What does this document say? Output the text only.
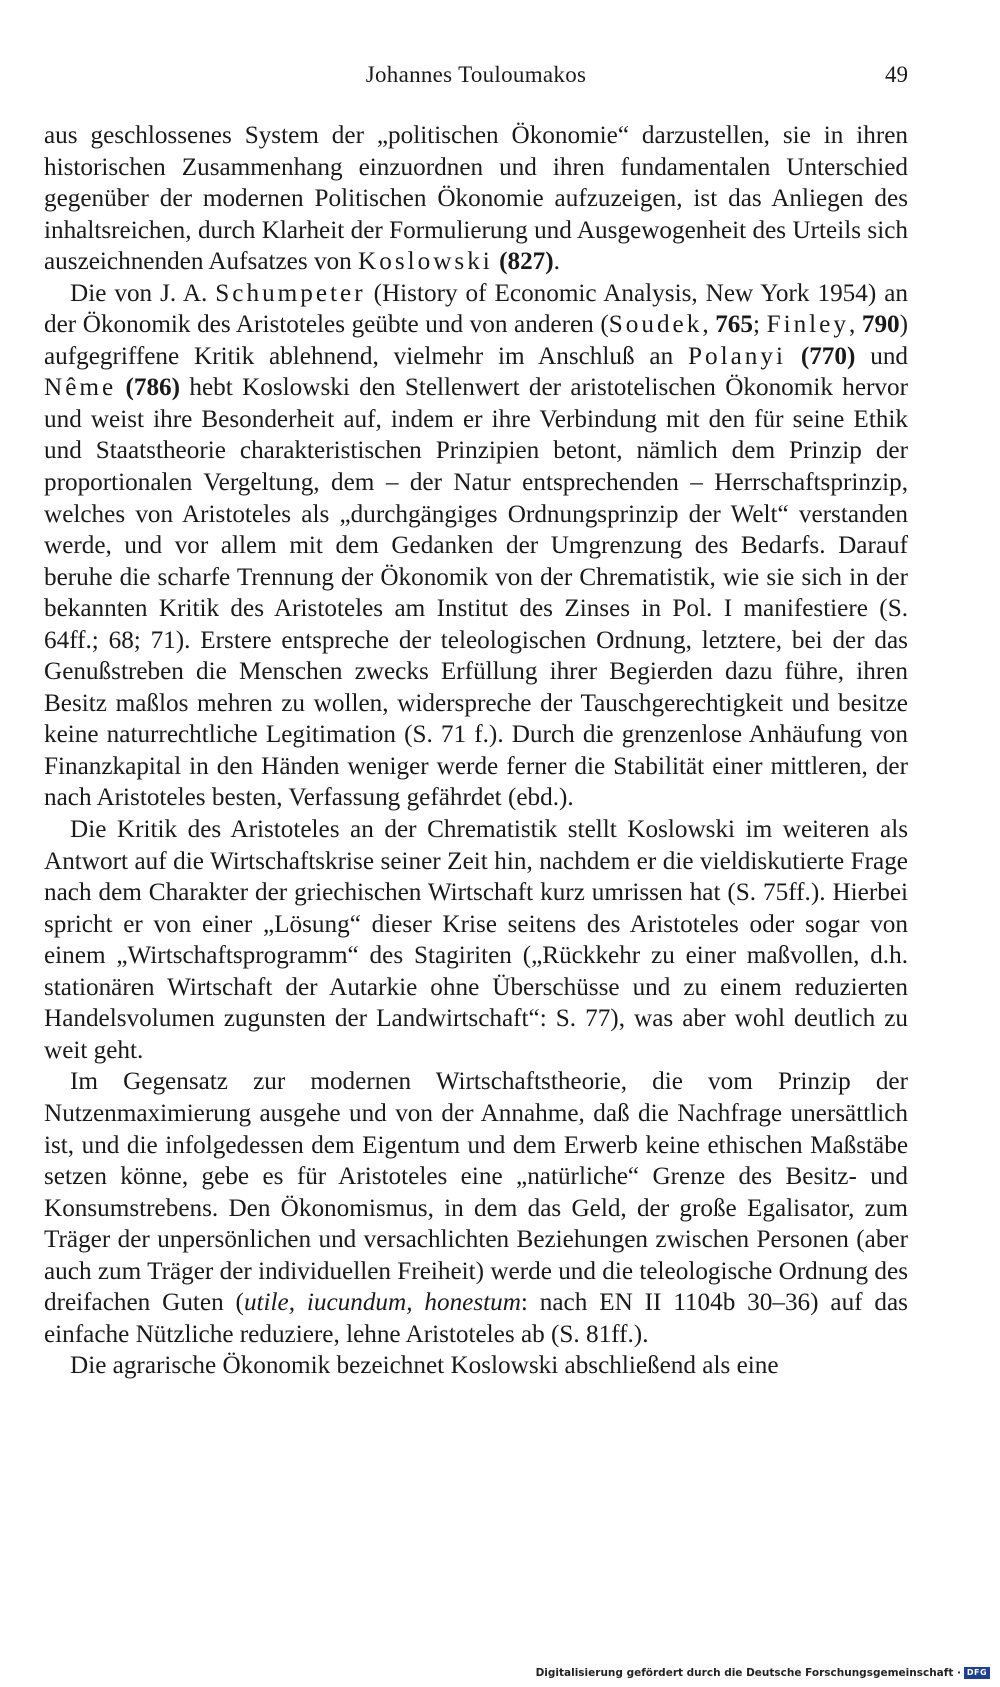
Johannes Touloumakos	49

aus geschlossenes System der „politischen Ökonomie“ darzustellen, sie in ihren historischen Zusammenhang einzuordnen und ihren fundamentalen Unterschied gegenüber der modernen Politischen Ökonomie aufzuzeigen, ist das Anliegen des inhaltsreichen, durch Klarheit der Formulierung und Ausgewogenheit des Urteils sich auszeichnenden Aufsatzes von Koslowski (827).

Die von J. A. Schumpeter (History of Economic Analysis, New York 1954) an der Ökonomik des Aristoteles geübte und von anderen (Soudek, 765; Finley, 790) aufgegriffene Kritik ablehnend, vielmehr im Anschluß an Polanyi (770) und Nême (786) hebt Koslowski den Stellenwert der aristotelischen Ökonomik hervor und weist ihre Besonderheit auf, indem er ihre Verbindung mit den für seine Ethik und Staatstheorie charakteristischen Prinzipien betont, nämlich dem Prinzip der proportionalen Vergeltung, dem – der Natur entsprechenden – Herrschaftsprinzip, welches von Aristoteles als „durchgängiges Ordnungsprinzip der Welt“ verstanden werde, und vor allem mit dem Gedanken der Umgrenzung des Bedarfs. Darauf beruhe die scharfe Trennung der Ökonomik von der Chrematistik, wie sie sich in der bekannten Kritik des Aristoteles am Institut des Zinses in Pol. I manifestiere (S. 64ff.; 68; 71). Erstere entspreche der teleologischen Ordnung, letztere, bei der das Genußstreben die Menschen zwecks Erfüllung ihrer Begierden dazu führe, ihren Besitz maßlos mehren zu wollen, widerspreche der Tauschgerechtigkeit und besitze keine naturrechtliche Legitimation (S. 71 f.). Durch die grenzenlose Anhäufung von Finanzkapital in den Händen weniger werde ferner die Stabilität einer mittleren, der nach Aristoteles besten, Verfassung gefährdet (ebd.).

Die Kritik des Aristoteles an der Chrematistik stellt Koslowski im weiteren als Antwort auf die Wirtschaftskrise seiner Zeit hin, nachdem er die vieldiskutierte Frage nach dem Charakter der griechischen Wirtschaft kurz umrissen hat (S. 75ff.). Hierbei spricht er von einer „Lösung“ dieser Krise seitens des Aristoteles oder sogar von einem „Wirtschaftsprogramm“ des Stagiriten („Rückkehr zu einer maßvollen, d.h. stationären Wirtschaft der Autarkie ohne Überschüsse und zu einem reduzierten Handelsvolumen zugunsten der Landwirtschaft“: S. 77), was aber wohl deutlich zu weit geht.

Im Gegensatz zur modernen Wirtschaftstheorie, die vom Prinzip der Nutzenmaximierung ausgehe und von der Annahme, daß die Nachfrage unersättlich ist, und die infolgedessen dem Eigentum und dem Erwerb keine ethischen Maßstäbe setzen könne, gebe es für Aristoteles eine „natürliche“ Grenze des Besitz- und Konsumstrebens. Den Ökonomismus, in dem das Geld, der große Egalisator, zum Träger der unpersönlichen und versachlichten Beziehungen zwischen Personen (aber auch zum Träger der individuellen Freiheit) werde und die teleologische Ordnung des dreifachen Guten (utile, iucundum, honestum: nach EN II 1104b 30–36) auf das einfache Nützliche reduziere, lehne Aristoteles ab (S. 81ff.).

Die agrarische Ökonomik bezeichnet Koslowski abschließend als eine

Digitalisierung gefördert durch die Deutsche Forschungsgemeinschaft · DFG
